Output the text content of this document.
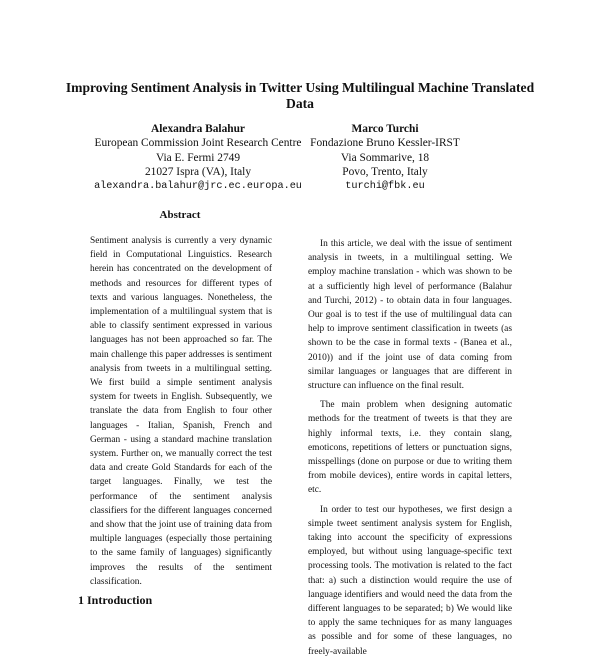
Improving Sentiment Analysis in Twitter Using Multilingual Machine Translated Data
Alexandra Balahur
European Commission Joint Research Centre
Via E. Fermi 2749
21027 Ispra (VA), Italy
alexandra.balahur@jrc.ec.europa.eu
Marco Turchi
Fondazione Bruno Kessler-IRST
Via Sommarive, 18
Povo, Trento, Italy
turchi@fbk.eu
Abstract

Sentiment analysis is currently a very dynamic field in Computational Linguistics. Research herein has concentrated on the development of methods and resources for different types of texts and various languages. Nonetheless, the implementation of a multilingual system that is able to classify sentiment expressed in various languages has not been approached so far. The main challenge this paper addresses is sentiment analysis from tweets in a multilingual setting. We first build a simple sentiment analysis system for tweets in English. Subsequently, we translate the data from English to four other languages - Italian, Spanish, French and German - using a standard machine translation system. Further on, we manually correct the test data and create Gold Standards for each of the target languages. Finally, we test the performance of the sentiment analysis classifiers for the different languages concerned and show that the joint use of training data from multiple languages (especially those pertaining to the same family of languages) significantly improves the results of the sentiment classification.

In this article, we deal with the issue of sentiment analysis in tweets, in a multilingual setting. We employ machine translation - which was shown to be at a sufficiently high level of performance (Balahur and Turchi, 2012) - to obtain data in four languages. Our goal is to test if the use of multilingual data can help to improve sentiment classification in tweets (as shown to be the case in formal texts - (Banea et al., 2010)) and if the joint use of data coming from similar languages or languages that are different in structure can influence on the final result.

The main problem when designing automatic methods for the treatment of tweets is that they are highly informal texts, i.e. they contain slang, emoticons, repetitions of letters or punctuation signs, misspellings (done on purpose or due to writing them from mobile devices), entire words in capital letters, etc.

In order to test our hypotheses, we first design a simple tweet sentiment analysis system for English, taking into account the specificity of expressions employed, but without using language-specific text processing tools. The motivation is related to the fact that: a) such a distinction would require the use of language identifiers and would need the data from the different languages to be separated; b) We would like to apply the same techniques for as many languages as possible and for some of these languages, no freely-available

1 Introduction
